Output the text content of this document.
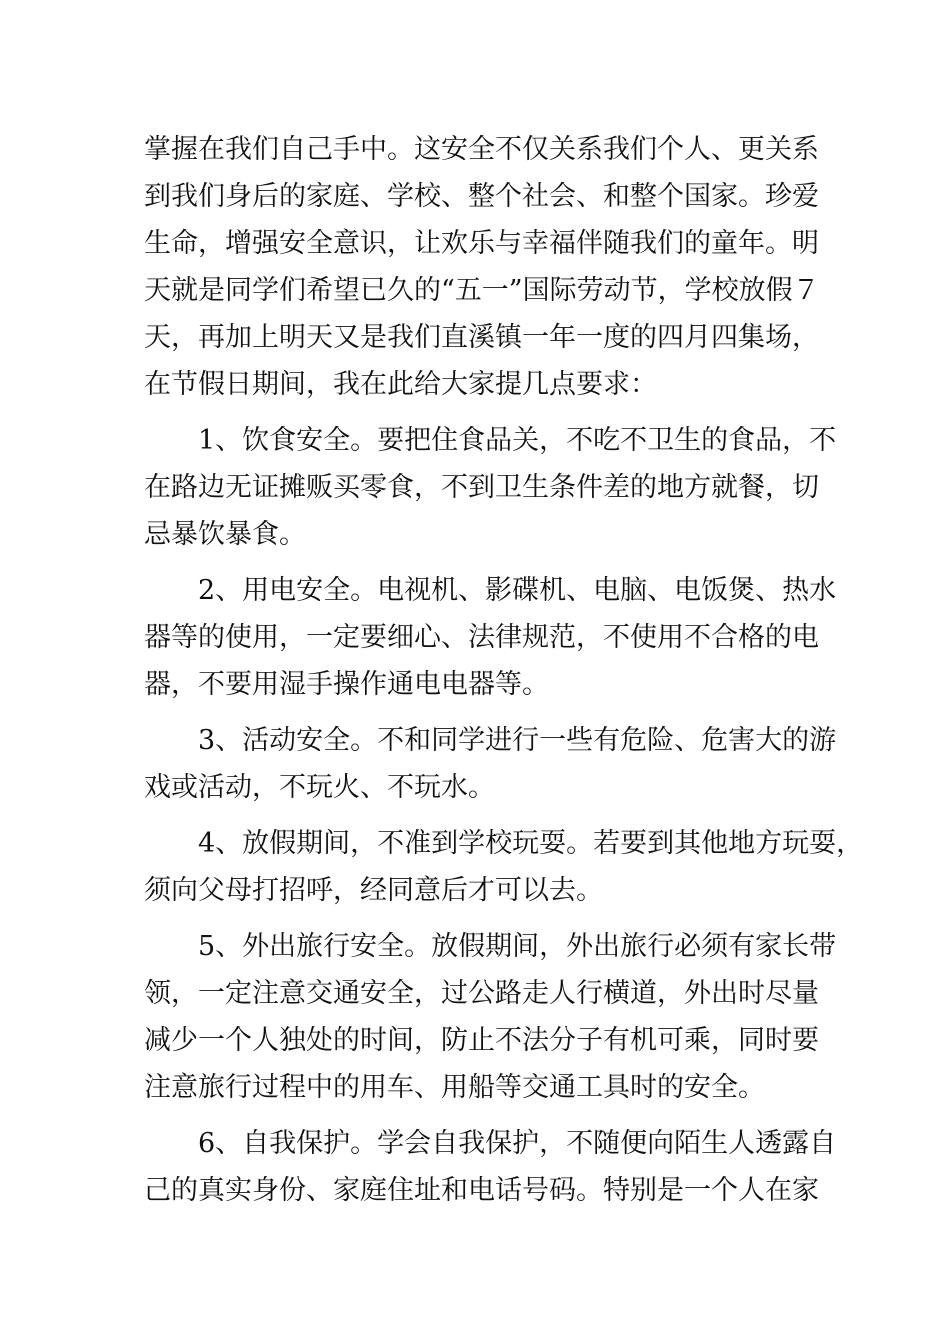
掌握在我们自己手中。这安全不仅关系我们个人、更关系
到我们身后的家庭、学校、整个社会、和整个国家。珍爱
生命，增强安全意识，让欢乐与幸福伴随我们的童年。明
天就是同学们希望已久的“五一”国际劳动节，学校放假７
天，再加上明天又是我们直溪镇一年一度的四月四集场，
在节假日期间，我在此给大家提几点要求：
　　1、饮食安全。要把住食品关，不吃不卫生的食品，不
在路边无证摊贩买零食，不到卫生条件差的地方就餐，切
忌暴饮暴食。
　　2、用电安全。电视机、影碟机、电脑、电饭煲、热水
器等的使用，一定要细心、法律规范，不使用不合格的电
器，不要用湿手操作通电电器等。
　　3、活动安全。不和同学进行一些有危险、危害大的游
戏或活动，不玩火、不玩水。
　　4、放假期间，不准到学校玩耍。若要到其他地方玩耍，
须向父母打招呼，经同意后才可以去。
　　5、外出旅行安全。放假期间，外出旅行必须有家长带
领，一定注意交通安全，过公路走人行横道，外出时尽量
减少一个人独处的时间，防止不法分子有机可乘，同时要
注意旅行过程中的用车、用船等交通工具时的安全。
　　6、自我保护。学会自我保护，不随便向陌生人透露自
己的真实身份、家庭住址和电话号码。特别是一个人在家
